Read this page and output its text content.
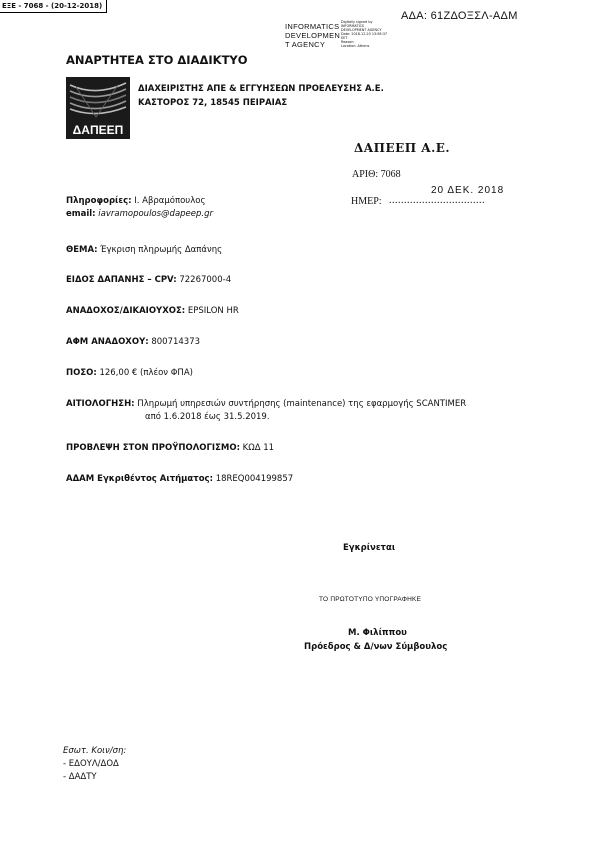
ΕΞΕ - 7068 - (20-12-2018)
ΑΔΑ: 61ΖΔΟΞΣΛ-ΑΔΜ
INFORMATICS
DEVELOPMEN
T AGENCY
Digitally signed by
INFORMATICS
DEVELOPMENT AGENCY
Date: 2018.12.20 13:58:37
EET
Reason:
Location: Athens
ΑΝΑΡΤΗΤΕΑ ΣΤΟ ΔΙΑΔΙΚΤΥΟ
ΔΑΠΕΕΠ
ΔΙΑΧΕΙΡΙΣΤΗΣ ΑΠΕ & ΕΓΓΥΗΣΕΩΝ ΠΡΟΕΛΕΥΣΗΣ Α.Ε.
ΚΑΣΤΟΡΟΣ 72, 18545 ΠΕΙΡΑΙΑΣ
ΔΑΠΕΕΠ Α.Ε.
ΑΡΙΘ: 7068
20 ΔΕΚ. 2018
ΗΜΕΡ: ................................
Πληροφορίες: Ι. Αβραμόπουλος
email: iavramopoulos@dapeep.gr
ΘΕΜΑ: Έγκριση πληρωμής Δαπάνης
ΕΙΔΟΣ ΔΑΠΑΝΗΣ – CPV: 72267000-4
ΑΝΑΔΟΧΟΣ/ΔΙΚΑΙΟΥΧΟΣ: EPSILON HR
ΑΦΜ ΑΝΑΔΟΧΟΥ: 800714373
ΠΟΣΟ: 126,00 € (πλέον ΦΠΑ)
ΑΙΤΙΟΛΟΓΗΣΗ: Πληρωμή υπηρεσιών συντήρησης (maintenance) της εφαρμογής SCANTIMER
από 1.6.2018 έως 31.5.2019.
ΠΡΟΒΛΕΨΗ ΣΤΟΝ ΠΡΟΫΠΟΛΟΓΙΣΜΟ: ΚΩΔ 11
ΑΔΑΜ Εγκριθέντος Αιτήματος: 18REQ004199857
Εγκρίνεται
ΤΟ ΠΡΩΤΟΤΥΠΟ ΥΠΟΓΡΑΦΗΚΕ
Μ. Φιλίππου
Πρόεδρος & Δ/νων Σύμβουλος
Εσωτ. Κοιν/ση:
- ΕΔΟΥΛ/ΔΟΔ
- ΔΑΔΤΥ
